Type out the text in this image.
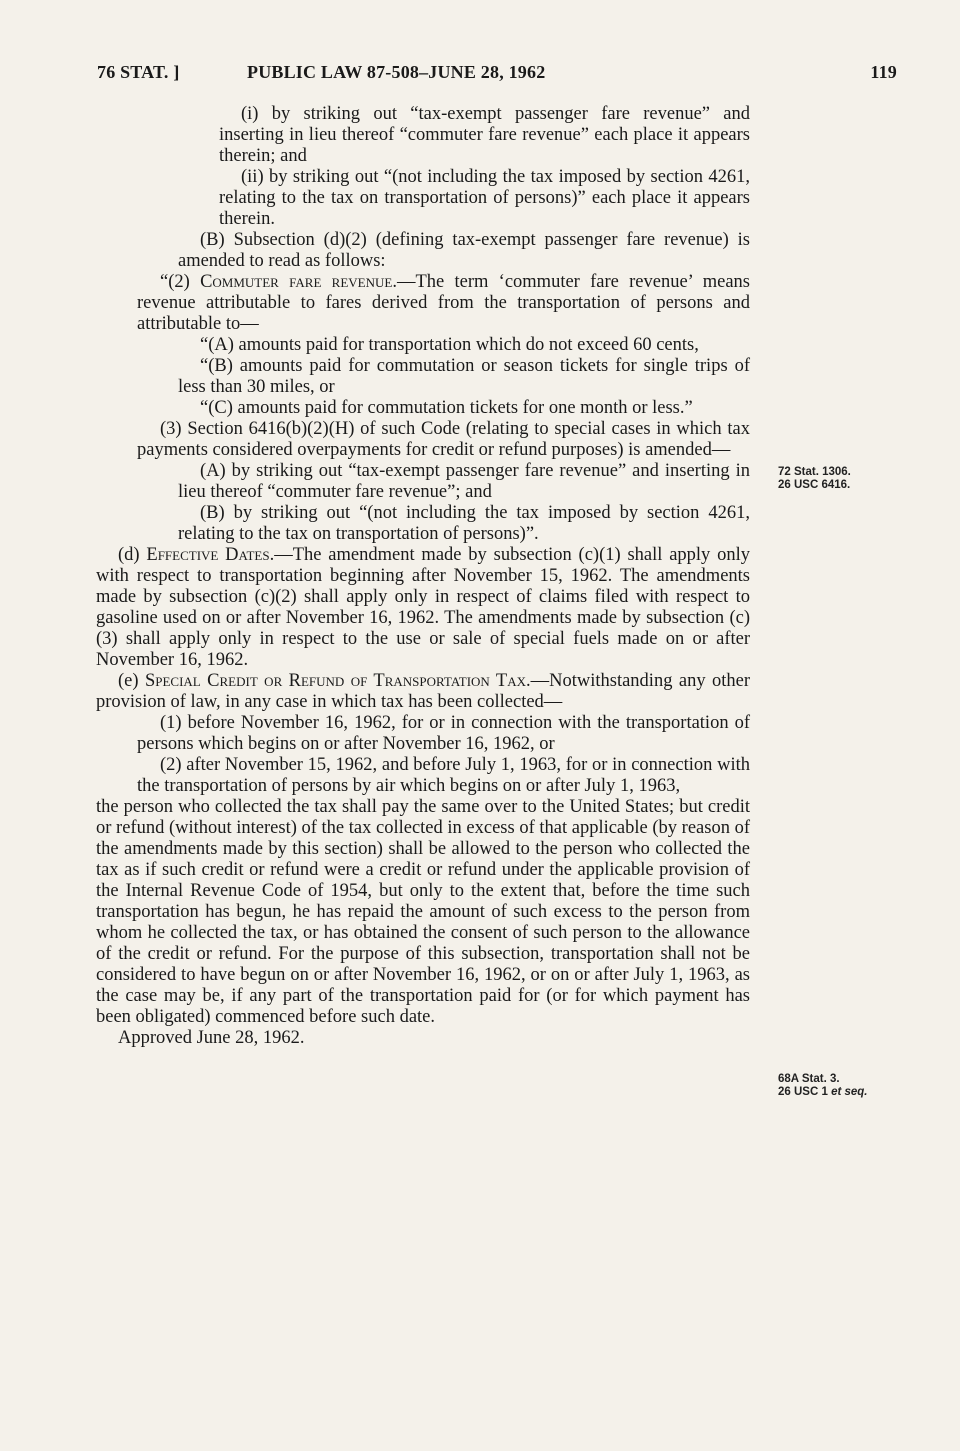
76 STAT. ]	PUBLIC LAW 87-508–JUNE 28, 1962	119

(i) by striking out “tax-exempt passenger fare revenue” and inserting in lieu thereof “commuter fare revenue” each place it appears therein; and

(ii) by striking out “(not including the tax imposed by section 4261, relating to the tax on transportation of persons)” each place it appears therein.

(B) Subsection (d)(2) (defining tax-exempt passenger fare revenue) is amended to read as follows:

“(2) Commuter fare revenue.—The term ‘commuter fare revenue’ means revenue attributable to fares derived from the transportation of persons and attributable to—

“(A) amounts paid for transportation which do not exceed 60 cents,

“(B) amounts paid for commutation or season tickets for single trips of less than 30 miles, or

“(C) amounts paid for commutation tickets for one month or less.”

(3) Section 6416(b)(2)(H) of such Code (relating to special cases in which tax payments considered overpayments for credit or refund purposes) is amended—

(A) by striking out “tax-exempt passenger fare revenue” and inserting in lieu thereof “commuter fare revenue”; and

(B) by striking out “(not including the tax imposed by section 4261, relating to the tax on transportation of persons)”.

(d) Effective Dates.—The amendment made by subsection (c)(1) shall apply only with respect to transportation beginning after November 15, 1962. The amendments made by subsection (c)(2) shall apply only in respect of claims filed with respect to gasoline used on or after November 16, 1962. The amendments made by subsection (c)(3) shall apply only in respect to the use or sale of special fuels made on or after November 16, 1962.

(e) Special Credit or Refund of Transportation Tax.—Notwithstanding any other provision of law, in any case in which tax has been collected—

(1) before November 16, 1962, for or in connection with the transportation of persons which begins on or after November 16, 1962, or

(2) after November 15, 1962, and before July 1, 1963, for or in connection with the transportation of persons by air which begins on or after July 1, 1963,

the person who collected the tax shall pay the same over to the United States; but credit or refund (without interest) of the tax collected in excess of that applicable (by reason of the amendments made by this section) shall be allowed to the person who collected the tax as if such credit or refund were a credit or refund under the applicable provision of the Internal Revenue Code of 1954, but only to the extent that, before the time such transportation has begun, he has repaid the amount of such excess to the person from whom he collected the tax, or has obtained the consent of such person to the allowance of the credit or refund. For the purpose of this subsection, transportation shall not be considered to have begun on or after November 16, 1962, or on or after July 1, 1963, as the case may be, if any part of the transportation paid for (or for which payment has been obligated) commenced before such date.

Approved June 28, 1962.

72 Stat. 1306.
26 USC 6416.
68A Stat. 3.
26 USC 1 et seq.
